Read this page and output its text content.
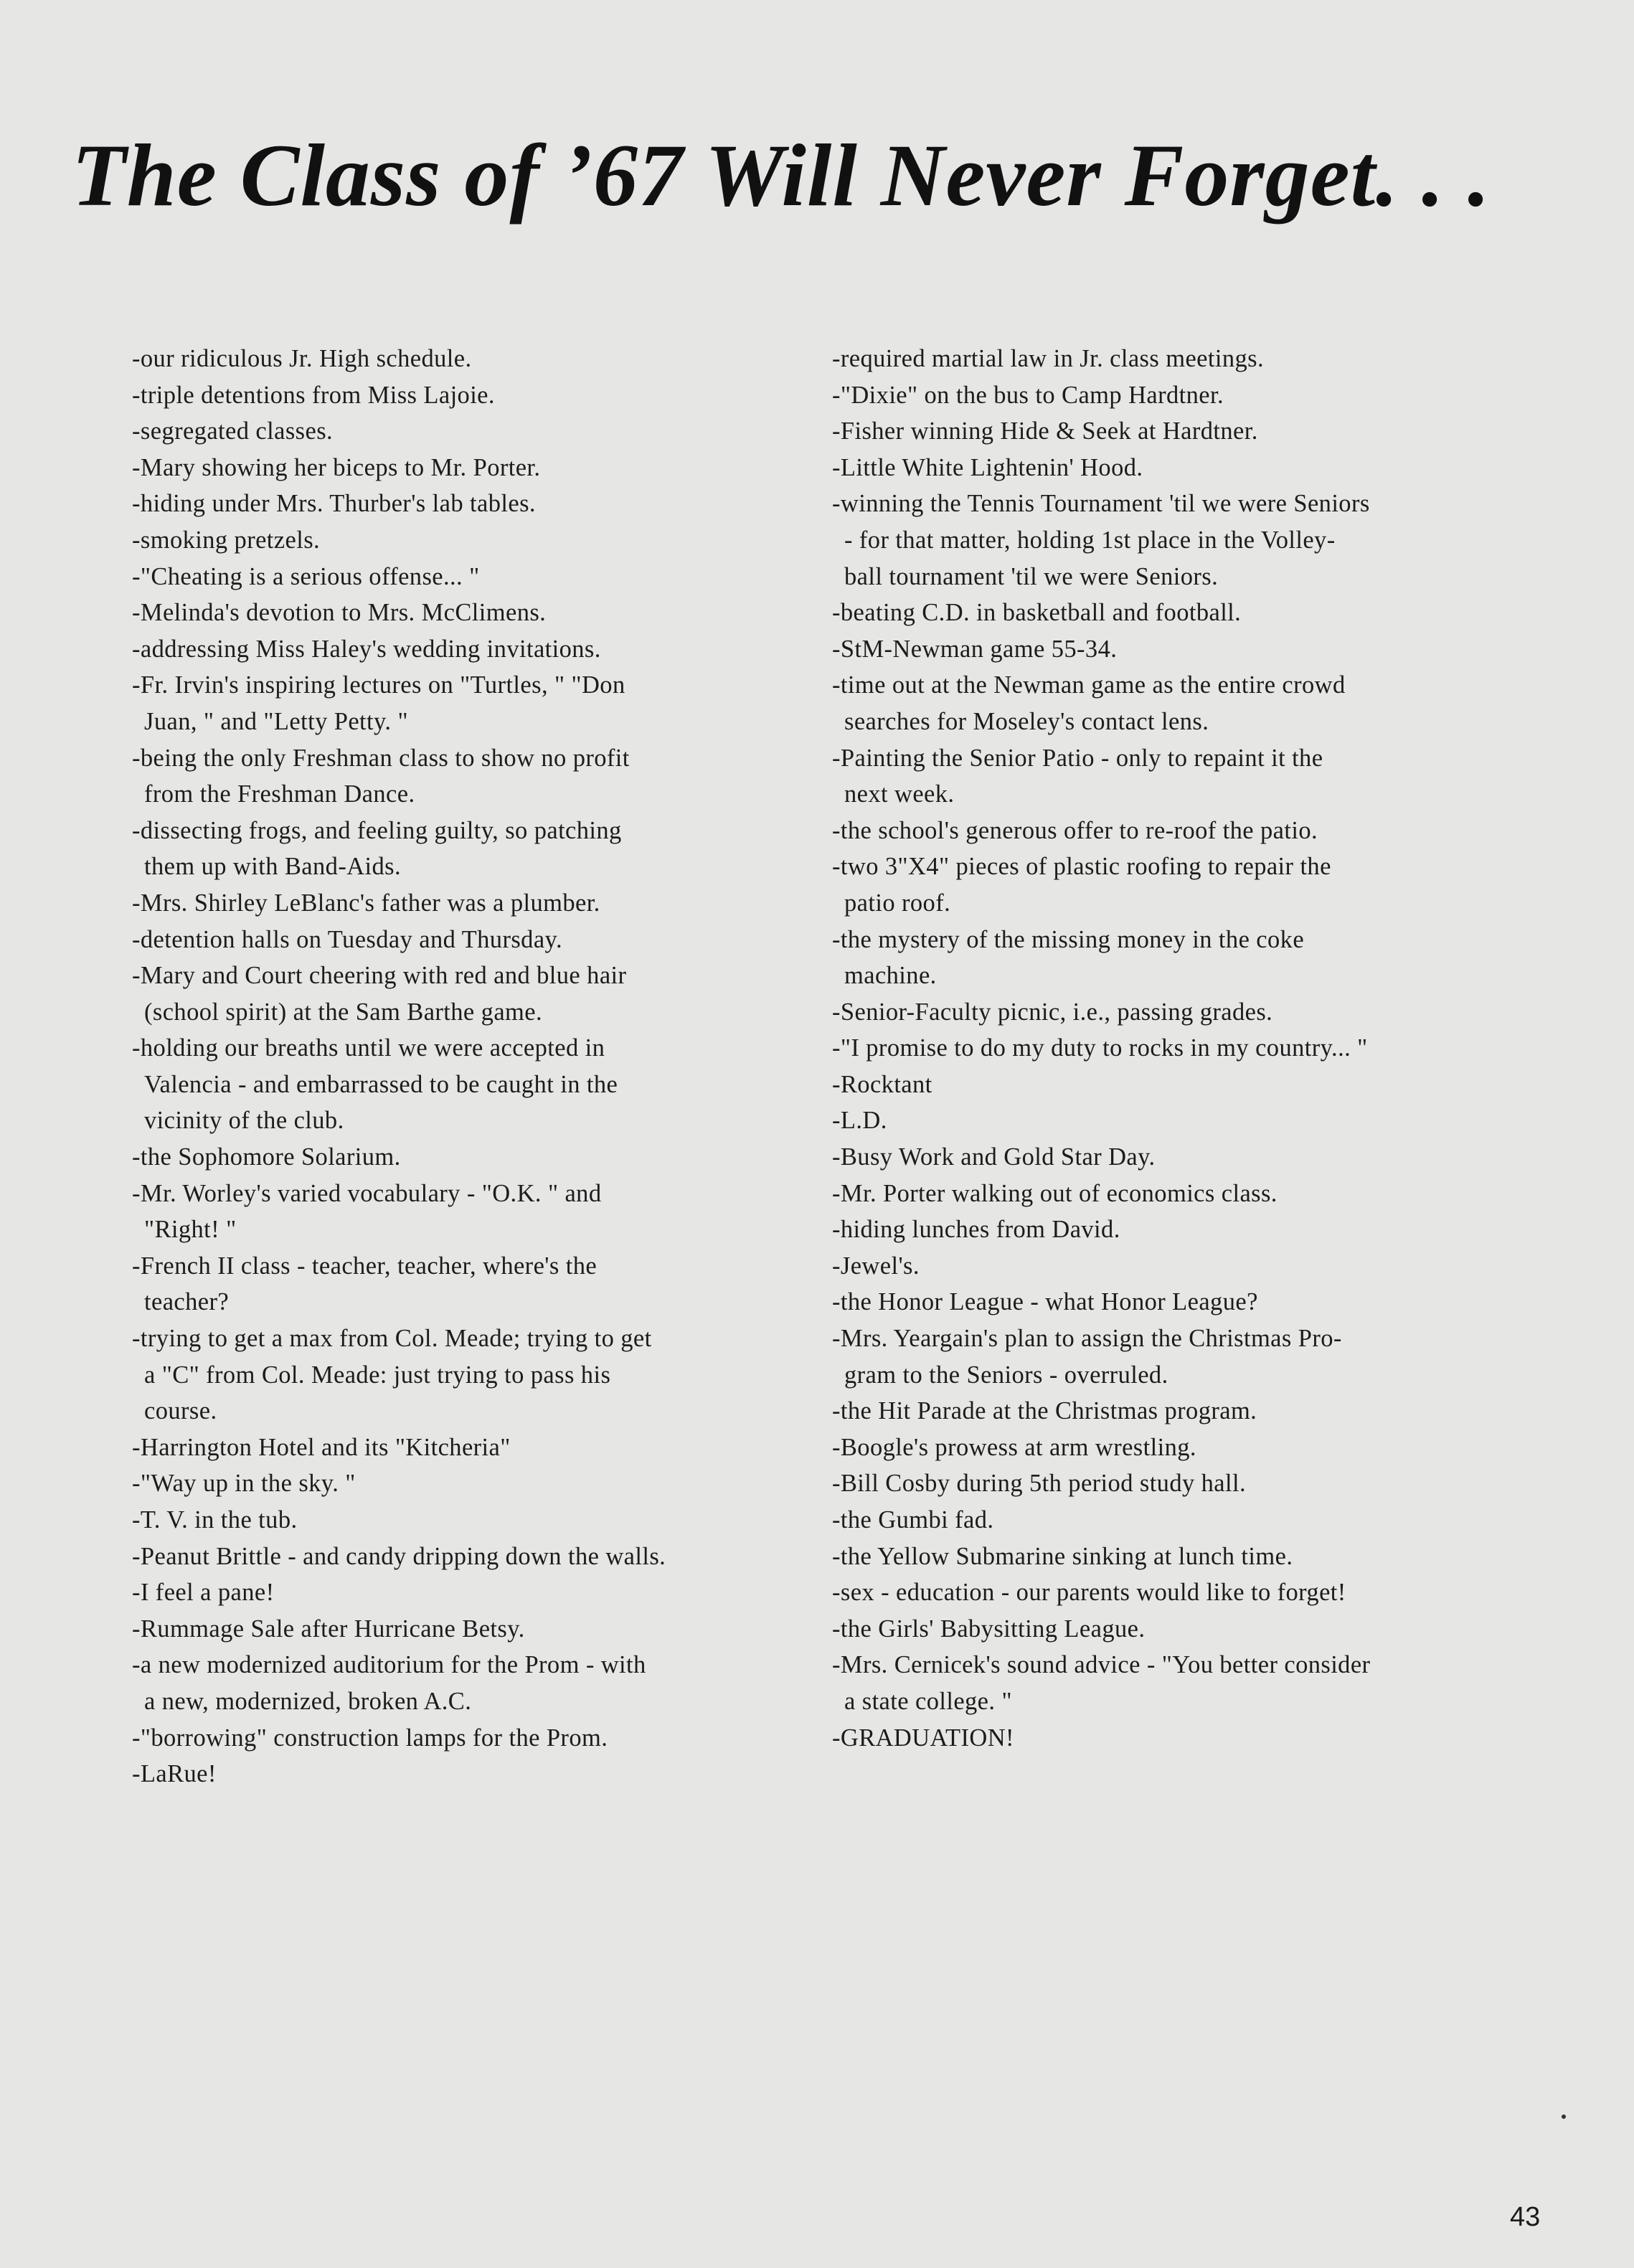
The Class of ’67 Will Never Forget. . .
-our ridiculous Jr. High schedule.
-triple detentions from Miss Lajoie.
-segregated classes.
-Mary showing her biceps to Mr. Porter.
-hiding under Mrs. Thurber's lab tables.
-smoking pretzels.
-"Cheating is a serious offense... "
-Melinda's devotion to Mrs. McClimens.
-addressing Miss Haley's wedding invitations.
-Fr. Irvin's inspiring lectures on "Turtles, " "Don
Juan, " and "Letty Petty. "
-being the only Freshman class to show no profit
from the Freshman Dance.
-dissecting frogs, and feeling guilty, so patching
them up with Band-Aids.
-Mrs. Shirley LeBlanc's father was a plumber.
-detention halls on Tuesday and Thursday.
-Mary and Court cheering with red and blue hair
(school spirit) at the Sam Barthe game.
-holding our breaths until we were accepted in
Valencia - and embarrassed to be caught in the
vicinity of the club.
-the Sophomore Solarium.
-Mr. Worley's varied vocabulary - "O.K. " and
"Right! "
-French II class - teacher, teacher, where's the
teacher?
-trying to get a max from Col. Meade; trying to get
a "C" from Col. Meade: just trying to pass his
course.
-Harrington Hotel and its "Kitcheria"
-"Way up in the sky. "
-T. V. in the tub.
-Peanut Brittle - and candy dripping down the walls.
-I feel a pane!
-Rummage Sale after Hurricane Betsy.
-a new modernized auditorium for the Prom - with
a new, modernized, broken A.C.
-"borrowing" construction lamps for the Prom.
-LaRue!
-required martial law in Jr. class meetings.
-"Dixie" on the bus to Camp Hardtner.
-Fisher winning Hide & Seek at Hardtner.
-Little White Lightenin' Hood.
-winning the Tennis Tournament 'til we were Seniors
- for that matter, holding 1st place in the Volley-
ball tournament 'til we were Seniors.
-beating C.D. in basketball and football.
-StM-Newman game 55-34.
-time out at the Newman game as the entire crowd
searches for Moseley's contact lens.
-Painting the Senior Patio - only to repaint it the
next week.
-the school's generous offer to re-roof the patio.
-two 3"X4" pieces of plastic roofing to repair the
patio roof.
-the mystery of the missing money in the coke
machine.
-Senior-Faculty picnic, i.e., passing grades.
-"I promise to do my duty to rocks in my country... "
-Rocktant
-L.D.
-Busy Work and Gold Star Day.
-Mr. Porter walking out of economics class.
-hiding lunches from David.
-Jewel's.
-the Honor League - what Honor League?
-Mrs. Yeargain's plan to assign the Christmas Pro-
gram to the Seniors - overruled.
-the Hit Parade at the Christmas program.
-Boogle's prowess at arm wrestling.
-Bill Cosby during 5th period study hall.
-the Gumbi fad.
-the Yellow Submarine sinking at lunch time.
-sex - education - our parents would like to forget!
-the Girls' Babysitting League.
-Mrs. Cernicek's sound advice - "You better consider
a state college. "
-GRADUATION!
43
